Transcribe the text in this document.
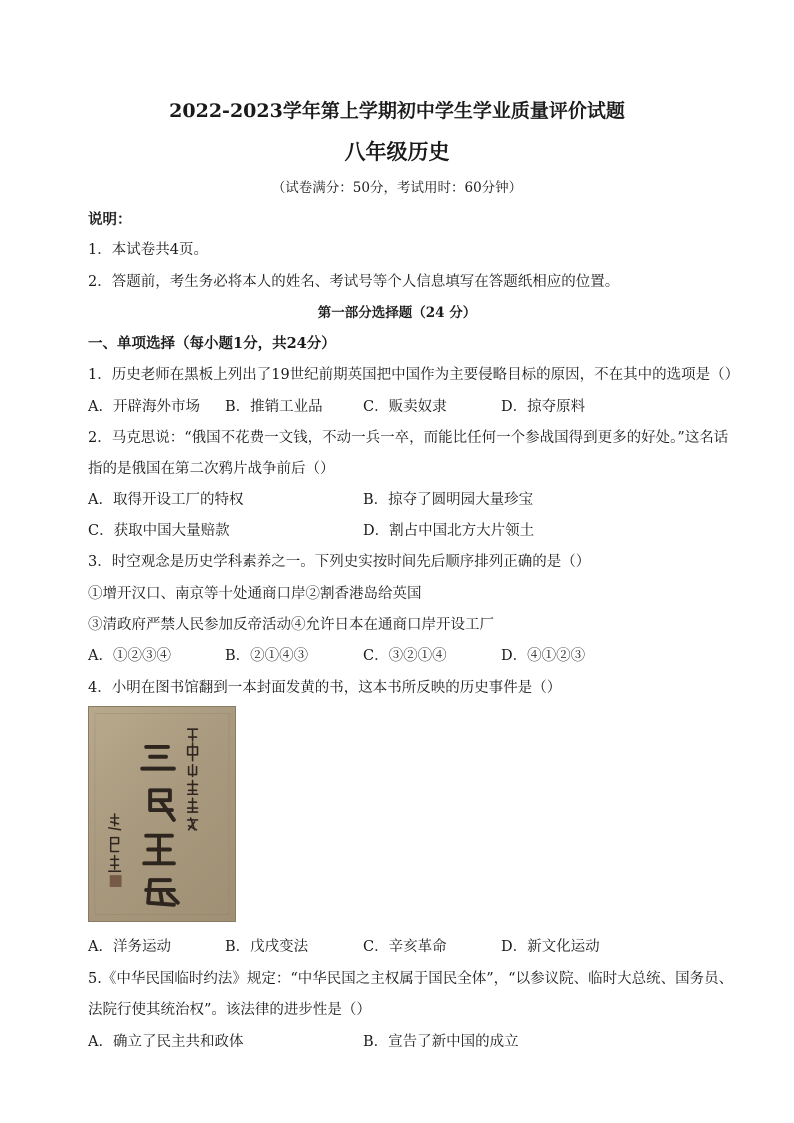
2022-2023学年第上学期初中学生学业质量评价试题
八年级历史
（试卷满分：50分，考试用时：60分钟）
说明：
1．本试卷共4页。
2．答题前，考生务必将本人的姓名、考试号等个人信息填写在答题纸相应的位置。
第一部分选择题（24 分）
一、单项选择（每小题1分，共24分）
1．历史老师在黑板上列出了19世纪前期英国把中国作为主要侵略目标的原因，不在其中的选项是（）
A．开辟海外市场 B．推销工业品	C．贩卖奴隶	D．掠夺原料
2．马克思说：“俄国不花费一文钱，不动一兵一卒，而能比任何一个参战国得到更多的好处。”这名话
指的是俄国在第二次鸦片战争前后（）
A．取得开设工厂的特权	B．掠夺了圆明园大量珍宝
C．获取中国大量赔款	D．割占中国北方大片领土
3．时空观念是历史学科素养之一。下列史实按时间先后顺序排列正确的是（）
①增开汉口、南京等十处通商口岸②割香港岛给英国
③清政府严禁人民参加反帝活动④允许日本在通商口岸开设工厂
A．①②③④	B．②①④③	C．③②①④	D．④①②③
4．小明在图书馆翻到一本封面发黄的书，这本书所反映的历史事件是（）
A．洋务运动	B．戊戌变法	C．辛亥革命	D．新文化运动
5.《中华民国临时约法》规定：“中华民国之主权属于国民全体”，“以参议院、临时大总统、国务员、
法院行使其统治权”。该法律的进步性是（）
A．确立了民主共和政体	B．宣告了新中国的成立
